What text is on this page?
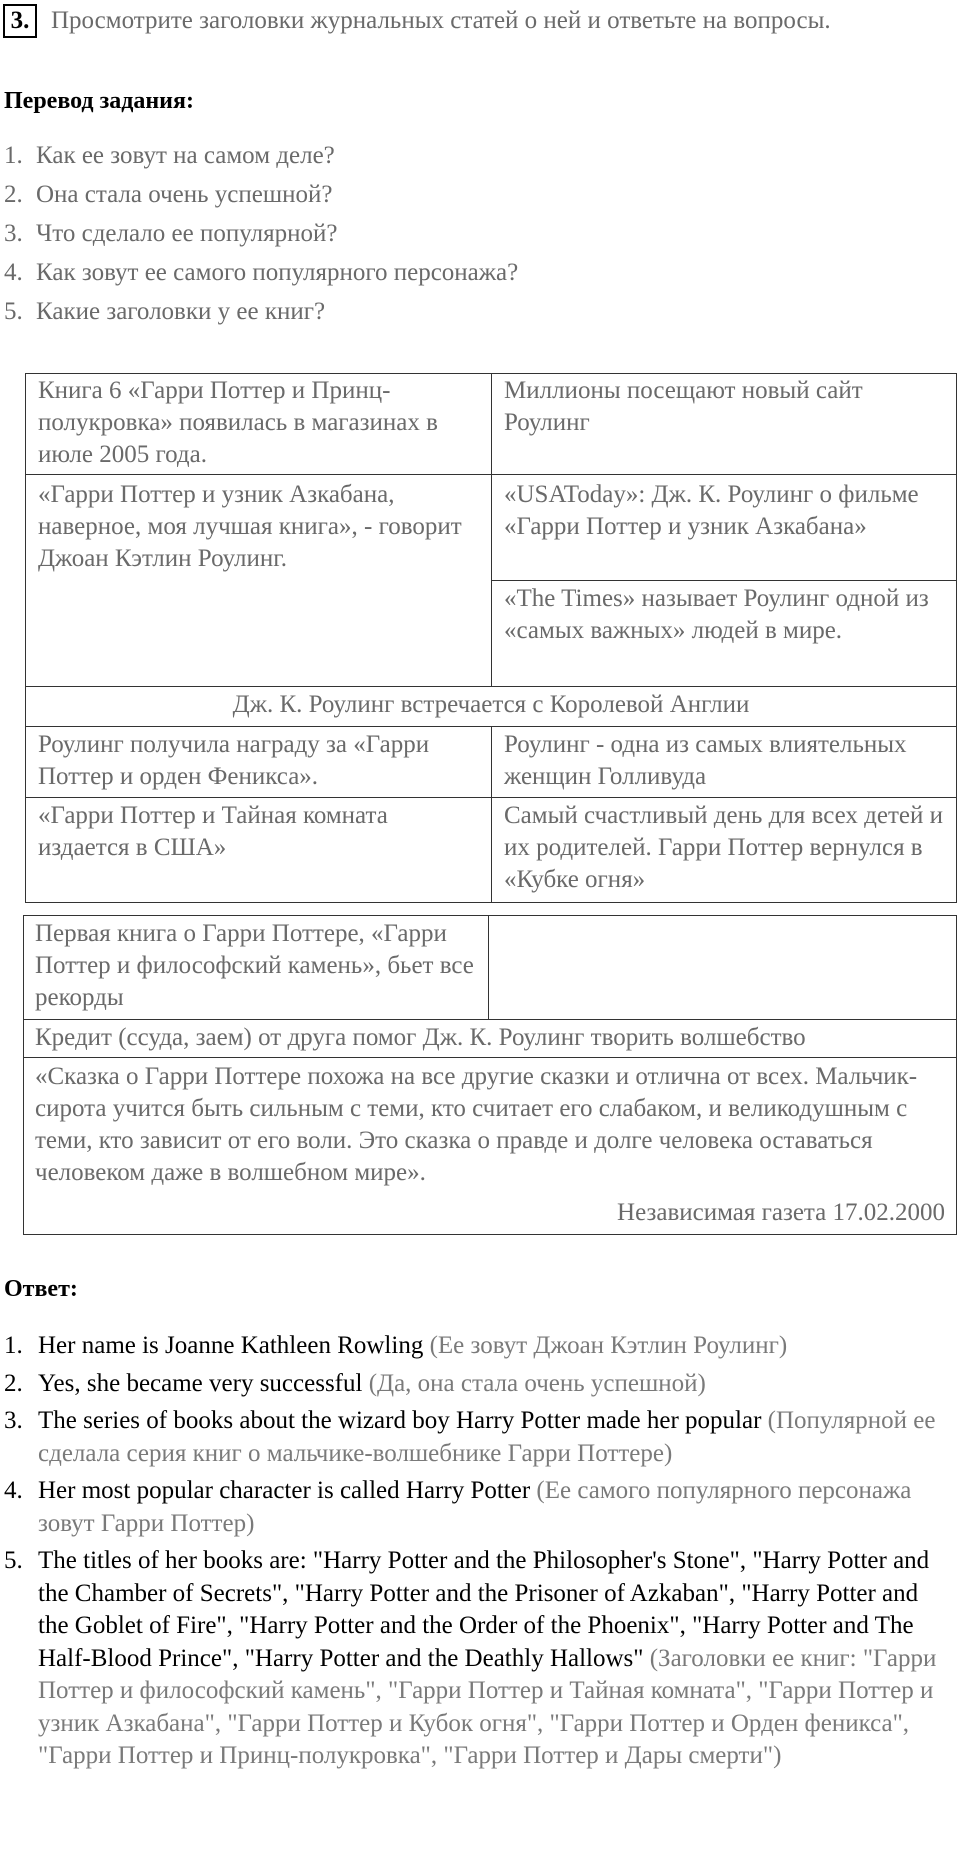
3. Просмотрите заголовки журнальных статей о ней и ответьте на вопросы.
Перевод задания:
1. Как ее зовут на самом деле?
2. Она стала очень успешной?
3. Что сделало ее популярной?
4. Как зовут ее самого популярного персонажа?
5. Какие заголовки у ее книг?
Книга 6 «Гарри Поттер и Принц-полукровка» появилась в магазинах в июле 2005 года.
Миллионы посещают новый сайт Роулинг
«Гарри Поттер и узник Азкабана, наверное, моя лучшая книга», - говорит Джоан Кэтлин Роулинг.
«USAToday»: Дж. К. Роулинг о фильме «Гарри Поттер и узник Азкабана»
«The Times» называет Роулинг одной из «самых важных» людей в мире.
Дж. К. Роулинг встречается с Королевой Англии
Роулинг получила награду за «Гарри Поттер и орден Феникса».
Роулинг - одна из самых влиятельных женщин Голливуда
«Гарри Поттер и Тайная комната издается в США»
Самый счастливый день для всех детей и их родителей. Гарри Поттер вернулся в «Кубке огня»
Первая книга о Гарри Поттере, «Гарри Поттер и философский камень», бьет все рекорды
Кредит (ссуда, заем) от друга помог Дж. К. Роулинг творить волшебство
«Сказка о Гарри Поттере похожа на все другие сказки и отлична от всех. Мальчик-сирота учится быть сильным с теми, кто считает его слабаком, и великодушным с теми, кто зависит от его воли. Это сказка о правде и долге человека оставаться человеком даже в волшебном мире».
Независимая газета 17.02.2000
Ответ:
1. Her name is Joanne Kathleen Rowling (Ее зовут Джоан Кэтлин Роулинг)
2. Yes, she became very successful (Да, она стала очень успешной)
3. The series of books about the wizard boy Harry Potter made her popular (Популярной ее сделала серия книг о мальчике-волшебнике Гарри Поттере)
4. Her most popular character is called Harry Potter (Ее самого популярного персонажа зовут Гарри Поттер)
5. The titles of her books are: "Harry Potter and the Philosopher's Stone", "Harry Potter and the Chamber of Secrets", "Harry Potter and the Prisoner of Azkaban", "Harry Potter and the Goblet of Fire", "Harry Potter and the Order of the Phoenix", "Harry Potter and The Half-Blood Prince", "Harry Potter and the Deathly Hallows" (Заголовки ее книг: "Гарри Поттер и философский камень", "Гарри Поттер и Тайная комната", "Гарри Поттер и узник Азкабана", "Гарри Поттер и Кубок огня", "Гарри Поттер и Орден феникса", "Гарри Поттер и Принц-полукровка", "Гарри Поттер и Дары смерти")
